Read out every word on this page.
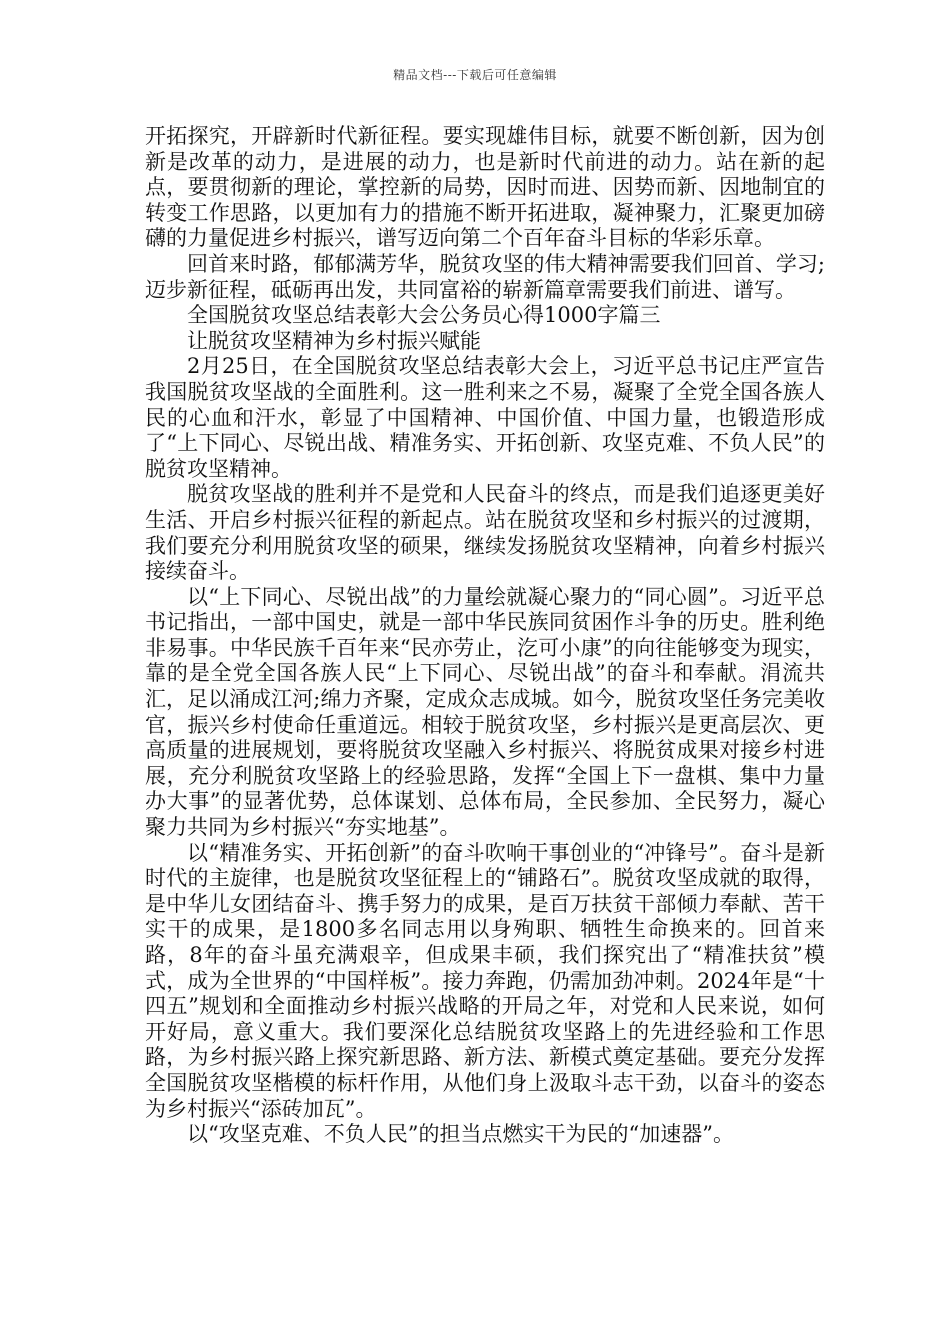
精品文档---下载后可任意编辑

开拓探究，开辟新时代新征程。要实现雄伟目标，就要不断创新，因为创新是改革的动力，是进展的动力，也是新时代前进的动力。站在新的起点，要贯彻新的理论，掌控新的局势，因时而进、因势而新、因地制宜的转变工作思路，以更加有力的措施不断开拓进取，凝神聚力，汇聚更加磅礴的力量促进乡村振兴，谱写迈向第二个百年奋斗目标的华彩乐章。

回首来时路，郁郁满芳华，脱贫攻坚的伟大精神需要我们回首、学习;迈步新征程，砥砺再出发，共同富裕的崭新篇章需要我们前进、谱写。

全国脱贫攻坚总结表彰大会公务员心得1000字篇三

让脱贫攻坚精神为乡村振兴赋能

2月25日，在全国脱贫攻坚总结表彰大会上，习近平总书记庄严宣告我国脱贫攻坚战的全面胜利。这一胜利来之不易，凝聚了全党全国各族人民的心血和汗水，彰显了中国精神、中国价值、中国力量，也锻造形成了“上下同心、尽锐出战、精准务实、开拓创新、攻坚克难、不负人民”的脱贫攻坚精神。

脱贫攻坚战的胜利并不是党和人民奋斗的终点，而是我们追逐更美好生活、开启乡村振兴征程的新起点。站在脱贫攻坚和乡村振兴的过渡期，我们要充分利用脱贫攻坚的硕果，继续发扬脱贫攻坚精神，向着乡村振兴接续奋斗。

以“上下同心、尽锐出战”的力量绘就凝心聚力的“同心圆”。习近平总书记指出，一部中国史，就是一部中华民族同贫困作斗争的历史。胜利绝非易事。中华民族千百年来“民亦劳止，汔可小康”的向往能够变为现实，靠的是全党全国各族人民“上下同心、尽锐出战”的奋斗和奉献。涓流共汇，足以涌成江河;绵力齐聚，定成众志成城。如今，脱贫攻坚任务完美收官，振兴乡村使命任重道远。相较于脱贫攻坚，乡村振兴是更高层次、更高质量的进展规划，要将脱贫攻坚融入乡村振兴、将脱贫成果对接乡村进展，充分利脱贫攻坚路上的经验思路，发挥“全国上下一盘棋、集中力量办大事”的显著优势，总体谋划、总体布局，全民参加、全民努力，凝心聚力共同为乡村振兴“夯实地基”。

以“精准务实、开拓创新”的奋斗吹响干事创业的“冲锋号”。奋斗是新时代的主旋律，也是脱贫攻坚征程上的“铺路石”。脱贫攻坚成就的取得，是中华儿女团结奋斗、携手努力的成果，是百万扶贫干部倾力奉献、苦干实干的成果，是1800多名同志用以身殉职、牺牲生命换来的。回首来路，8年的奋斗虽充满艰辛，但成果丰硕，我们探究出了“精准扶贫”模式，成为全世界的“中国样板”。接力奔跑，仍需加劲冲刺。2024年是“十四五”规划和全面推动乡村振兴战略的开局之年，对党和人民来说，如何开好局，意义重大。我们要深化总结脱贫攻坚路上的先进经验和工作思路，为乡村振兴路上探究新思路、新方法、新模式奠定基础。要充分发挥全国脱贫攻坚楷模的标杆作用，从他们身上汲取斗志干劲，以奋斗的姿态为乡村振兴“添砖加瓦”。

以“攻坚克难、不负人民”的担当点燃实干为民的“加速器”。
